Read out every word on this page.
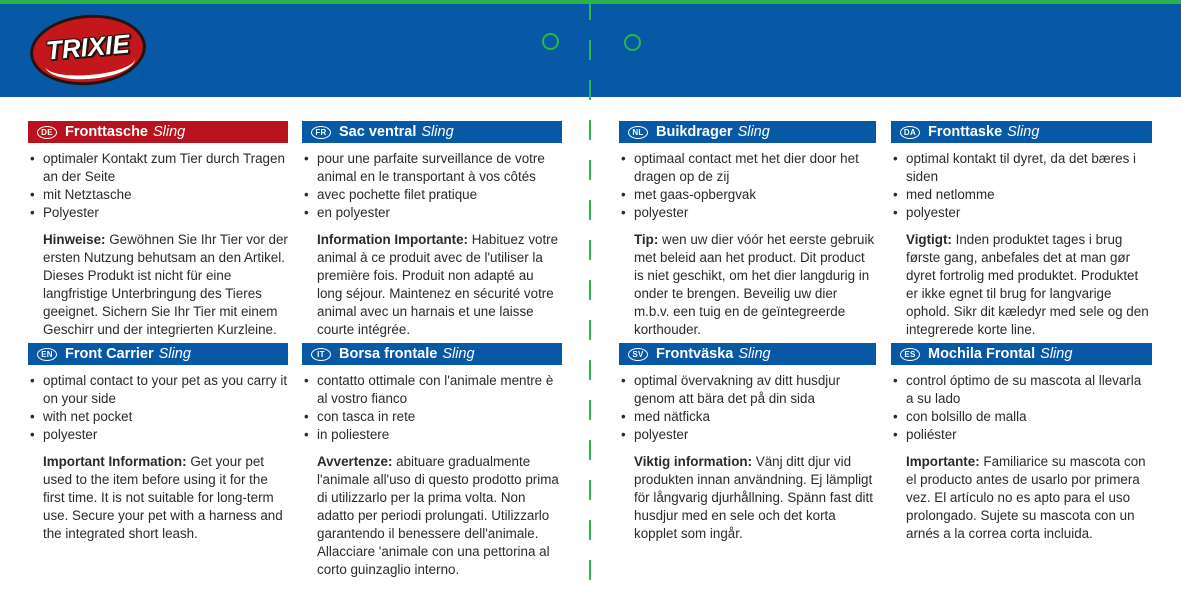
TRIXIE
DE Fronttasche Sling
• optimaler Kontakt zum Tier durch Tragen an der Seite
• mit Netztasche
• Polyester
Hinweise: Gewöhnen Sie Ihr Tier vor der ersten Nutzung behutsam an den Artikel. Dieses Produkt ist nicht für eine langfristige Unterbringung des Tieres geeignet. Sichern Sie Ihr Tier mit einem Geschirr und der integrierten Kurzleine.
EN Front Carrier Sling
• optimal contact to your pet as you carry it on your side
• with net pocket
• polyester
Important Information: Get your pet used to the item before using it for the first time. It is not suitable for long-term use. Secure your pet with a harness and the integrated short leash.
FR Sac ventral Sling
• pour une parfaite surveillance de votre animal en le transportant à vos côtés
• avec pochette filet pratique
• en polyester
Information Importante: Habituez votre animal à ce produit avec de l'utiliser la première fois. Produit non adapté au long séjour. Maintenez en sécurité votre animal avec un harnais et une laisse courte intégrée.
IT Borsa frontale Sling
• contatto ottimale con l'animale mentre è al vostro fianco
• con tasca in rete
• in poliestere
Avvertenze: abituare gradualmente l'animale all'uso di questo prodotto prima di utilizzarlo per la prima volta. Non adatto per periodi prolungati. Utilizzarlo garantendo il benessere dell'animale. Allacciare 'animale con una pettorina al corto guinzaglio interno.
NL Buikdrager Sling
• optimaal contact met het dier door het dragen op de zij
• met gaas-opbergvak
• polyester
Tip: wen uw dier vóór het eerste gebruik met beleid aan het product. Dit product is niet geschikt, om het dier langdurig in onder te brengen. Beveilig uw dier m.b.v. een tuig en de geïntegreerde korthouder.
SV Frontväska Sling
• optimal övervakning av ditt husdjur genom att bära det på din sida
• med nätficka
• polyester
Viktig information: Vänj ditt djur vid produkten innan användning. Ej lämpligt för långvarig djurhållning. Spänn fast ditt husdjur med en sele och det korta kopplet som ingår.
DA Fronttaske Sling
• optimal kontakt til dyret, da det bæres i siden
• med netlomme
• polyester
Vigtigt: Inden produktet tages i brug første gang, anbefales det at man gør dyret fortrolig med produktet. Produktet er ikke egnet til brug for langvarige ophold. Sikr dit kæledyr med sele og den integrerede korte line.
ES Mochila Frontal Sling
• control óptimo de su mascota al llevarla a su lado
• con bolsillo de malla
• poliéster
Importante: Familiarice su mascota con el producto antes de usarlo por primera vez. El artículo no es apto para el uso prolongado. Sujete su mascota con un arnés a la correa corta incluida.
